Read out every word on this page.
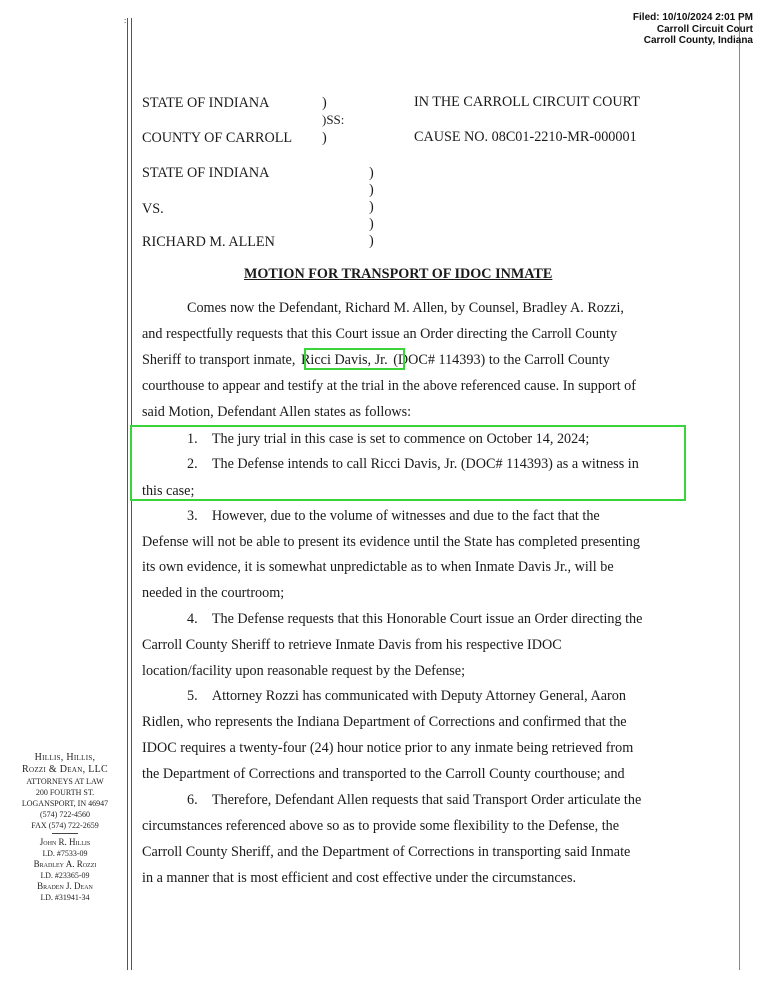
:	Filed: 10/10/2024 2:01 PM
Carroll Circuit Court
Carroll County, Indiana
STATE OF INDIANA	)
)SS:
)
COUNTY OF CARROLL
IN THE CARROLL CIRCUIT COURT
CAUSE NO. 08C01-2210-MR-000001
STATE OF INDIANA
VS.
RICHARD M. ALLEN
)
)
)
)
)
MOTION FOR TRANSPORT OF IDOC INMATE
Comes now the Defendant, Richard M. Allen, by Counsel, Bradley A. Rozzi,
and respectfully requests that this Court issue an Order directing the Carroll County
Sheriff to transport inmate, Ricci Davis, Jr. (DOC# 114393) to the Carroll County
courthouse to appear and testify at the trial in the above referenced cause. In support of
said Motion, Defendant Allen states as follows:
1. The jury trial in this case is set to commence on October 14, 2024;
2. The Defense intends to call Ricci Davis, Jr. (DOC# 114393) as a witness in
this case;
3. However, due to the volume of witnesses and due to the fact that the
Defense will not be able to present its evidence until the State has completed presenting
its own evidence, it is somewhat unpredictable as to when Inmate Davis Jr., will be
needed in the courtroom;
4. The Defense requests that this Honorable Court issue an Order directing the
Carroll County Sheriff to retrieve Inmate Davis from his respective IDOC
location/facility upon reasonable request by the Defense;
5. Attorney Rozzi has communicated with Deputy Attorney General, Aaron
Ridlen, who represents the Indiana Department of Corrections and confirmed that the
IDOC requires a twenty-four (24) hour notice prior to any inmate being retrieved from
the Department of Corrections and transported to the Carroll County courthouse; and
6. Therefore, Defendant Allen requests that said Transport Order articulate the
circumstances referenced above so as to provide some flexibility to the Defense, the
Carroll County Sheriff, and the Department of Corrections in transporting said Inmate
in a manner that is most efficient and cost effective under the circumstances.
Hillis, Hillis,
Rozzi & Dean, LLC
ATTORNEYS AT LAW
200 FOURTH ST.
LOGANSPORT, IN 46947
(574) 722-4560
FAX (574) 722-2659
John R. Hillis
I.D. #7533-09
Bradley A. Rozzi
I.D. #23365-09
Braden J. Dean
I.D. #31941-34
